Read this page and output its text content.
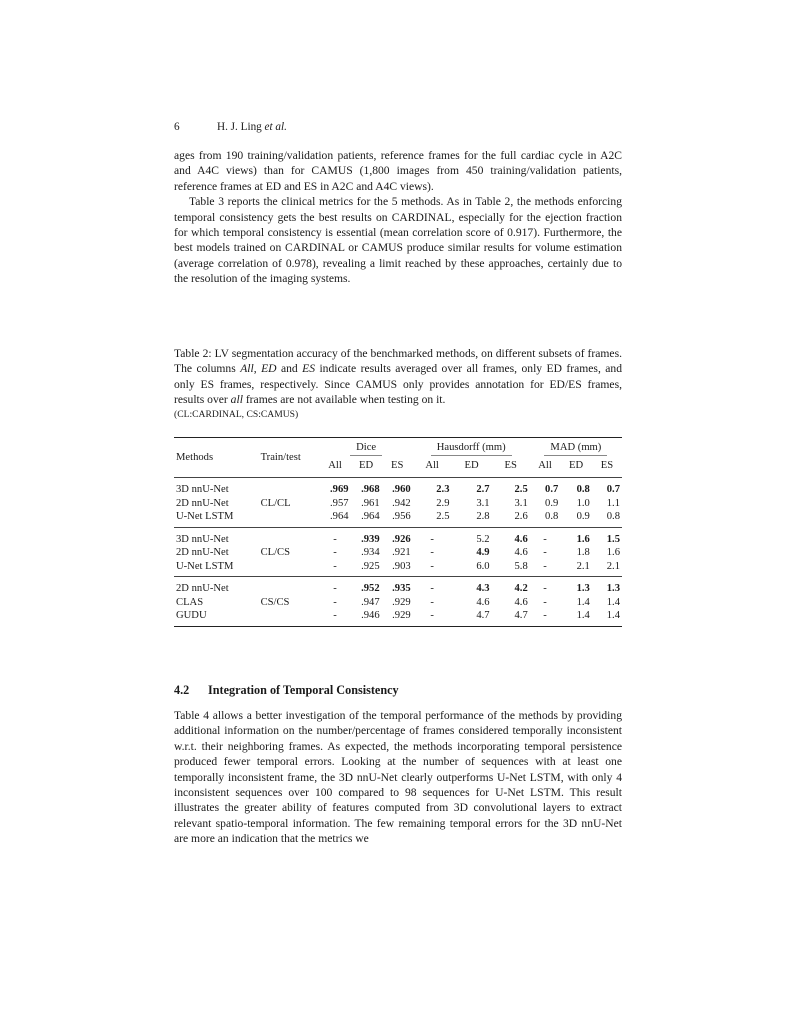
6	H. J. Ling et al.

ages from 190 training/validation patients, reference frames for the full cardiac cycle in A2C and A4C views) than for CAMUS (1,800 images from 450 training/validation patients, reference frames at ED and ES in A2C and A4C views).

Table 3 reports the clinical metrics for the 5 methods. As in Table 2, the methods enforcing temporal consistency gets the best results on CARDINAL, especially for the ejection fraction for which temporal consistency is essential (mean correlation score of 0.917). Furthermore, the best models trained on CARDINAL or CAMUS produce similar results for volume estimation (average correlation of 0.978), revealing a limit reached by these approaches, certainly due to the resolution of the imaging systems.

Table 2: LV segmentation accuracy of the benchmarked methods, on different subsets of frames. The columns All, ED and ES indicate results averaged over all frames, only ED frames, and only ES frames, respectively. Since CAMUS only provides annotation for ED/ES frames, results over all frames are not available when testing on it.

(CL:CARDINAL, CS:CAMUS)
Methods	Train/test	Dice			Hausdorff (mm)			MAD (mm)		
		All	ED	ES	All	ED	ES	All	ED	ES
3D nnU-Net		.969	.968	.960	2.3	2.7	2.5	0.7	0.8	0.7
2D nnU-Net	CL/CL	.957	.961	.942	2.9	3.1	3.1	0.9	1.0	1.1
U-Net LSTM		.964	.964	.956	2.5	2.8	2.6	0.8	0.9	0.8
3D nnU-Net		-	.939	.926	-	5.2	4.6	-	1.6	1.5
2D nnU-Net	CL/CS	-	.934	.921	-	4.9	4.6	-	1.8	1.6
U-Net LSTM		-	.925	.903	-	6.0	5.8	-	2.1	2.1
2D nnU-Net		-	.952	.935	-	4.3	4.2	-	1.3	1.3
CLAS	CS/CS	-	.947	.929	-	4.6	4.6	-	1.4	1.4
GUDU		-	.946	.929	-	4.7	4.7	-	1.4	1.4
4.2 Integration of Temporal Consistency

Table 4 allows a better investigation of the temporal performance of the methods by providing additional information on the number/percentage of frames considered temporally inconsistent w.r.t. their neighboring frames. As expected, the methods incorporating temporal persistence produced fewer temporal errors. Looking at the number of sequences with at least one temporally inconsistent frame, the 3D nnU-Net clearly outperforms U-Net LSTM, with only 4 inconsistent sequences over 100 compared to 98 sequences for U-Net LSTM. This result illustrates the greater ability of features computed from 3D convolutional layers to extract relevant spatio-temporal information. The few remaining temporal errors for the 3D nnU-Net are more an indication that the metrics we
